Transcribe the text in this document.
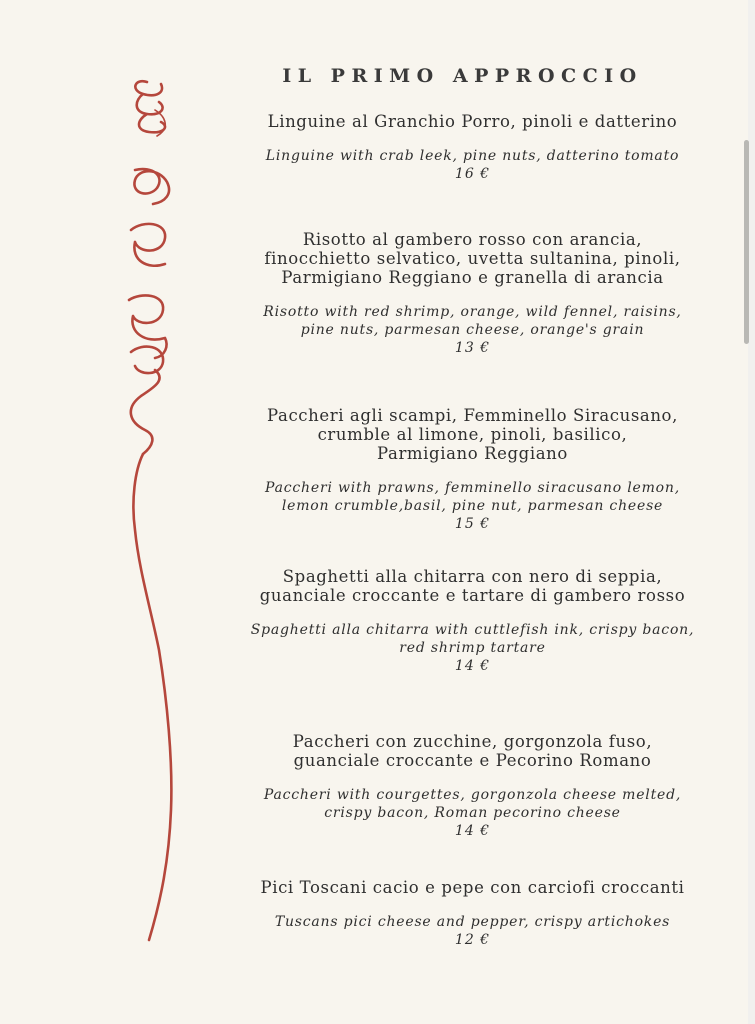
IL PRIMO APPROCCIO

Linguine al Granchio Porro, pinoli e datterino

Linguine with crab leek, pine nuts, datterino tomato

16 €

Risotto al gambero rosso con arancia,
finocchietto selvatico, uvetta sultanina, pinoli,
Parmigiano Reggiano e granella di arancia

Risotto with red shrimp, orange, wild fennel, raisins,
pine nuts, parmesan cheese, orange's grain

13 €

Paccheri agli scampi, Femminello Siracusano,
crumble al limone, pinoli, basilico,
Parmigiano Reggiano

Paccheri with prawns, femminello siracusano lemon,
lemon crumble,basil, pine nut, parmesan cheese

15 €

Spaghetti alla chitarra con nero di seppia,
guanciale croccante e tartare di gambero rosso

Spaghetti alla chitarra with cuttlefish ink, crispy bacon,
red shrimp tartare

14 €

Paccheri con zucchine, gorgonzola fuso,
guanciale croccante e Pecorino Romano

Paccheri with courgettes, gorgonzola cheese melted,
crispy bacon, Roman pecorino cheese

14 €

Pici Toscani cacio e pepe con carciofi croccanti

Tuscans pici cheese and pepper, crispy artichokes

12 €
